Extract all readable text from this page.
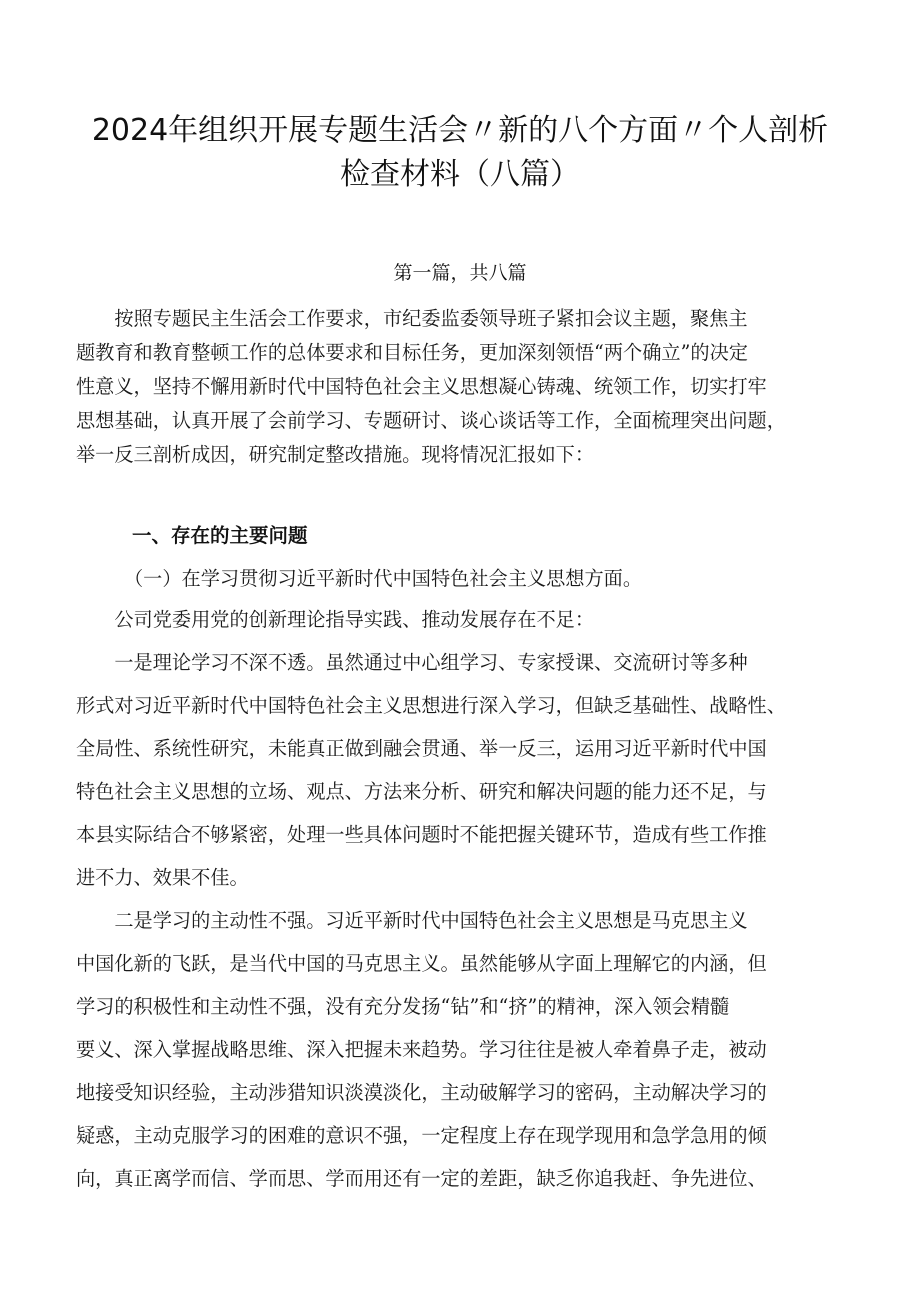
2024年组织开展专题生活会〃新的八个方面〃个人剖析
检查材料（八篇）
第一篇，共八篇
　　按照专题民主生活会工作要求，市纪委监委领导班子紧扣会议主题，聚焦主
题教育和教育整顿工作的总体要求和目标任务，更加深刻领悟“两个确立”的决定
性意义，坚持不懈用新时代中国特色社会主义思想凝心铸魂、统领工作，切实打牢
思想基础，认真开展了会前学习、专题研讨、谈心谈话等工作，全面梳理突出问题，
举一反三剖析成因，研究制定整改措施。现将情况汇报如下：
一、存在的主要问题
　　　（一）在学习贯彻习近平新时代中国特色社会主义思想方面。
　　公司党委用党的创新理论指导实践、推动发展存在不足：
　　一是理论学习不深不透。虽然通过中心组学习、专家授课、交流研讨等多种
形式对习近平新时代中国特色社会主义思想进行深入学习，但缺乏基础性、战略性、
全局性、系统性研究，未能真正做到融会贯通、举一反三，运用习近平新时代中国
特色社会主义思想的立场、观点、方法来分析、研究和解决问题的能力还不足，与
本县实际结合不够紧密，处理一些具体问题时不能把握关键环节，造成有些工作推
进不力、效果不佳。
　　二是学习的主动性不强。习近平新时代中国特色社会主义思想是马克思主义
中国化新的飞跃，是当代中国的马克思主义。虽然能够从字面上理解它的内涵，但
学习的积极性和主动性不强，没有充分发扬“钻”和“挤”的精神，深入领会精髓
要义、深入掌握战略思维、深入把握未来趋势。学习往往是被人牵着鼻子走，被动
地接受知识经验，主动涉猎知识淡漠淡化，主动破解学习的密码，主动解决学习的
疑惑，主动克服学习的困难的意识不强，一定程度上存在现学现用和急学急用的倾
向，真正离学而信、学而思、学而用还有一定的差距，缺乏你追我赶、争先进位、
